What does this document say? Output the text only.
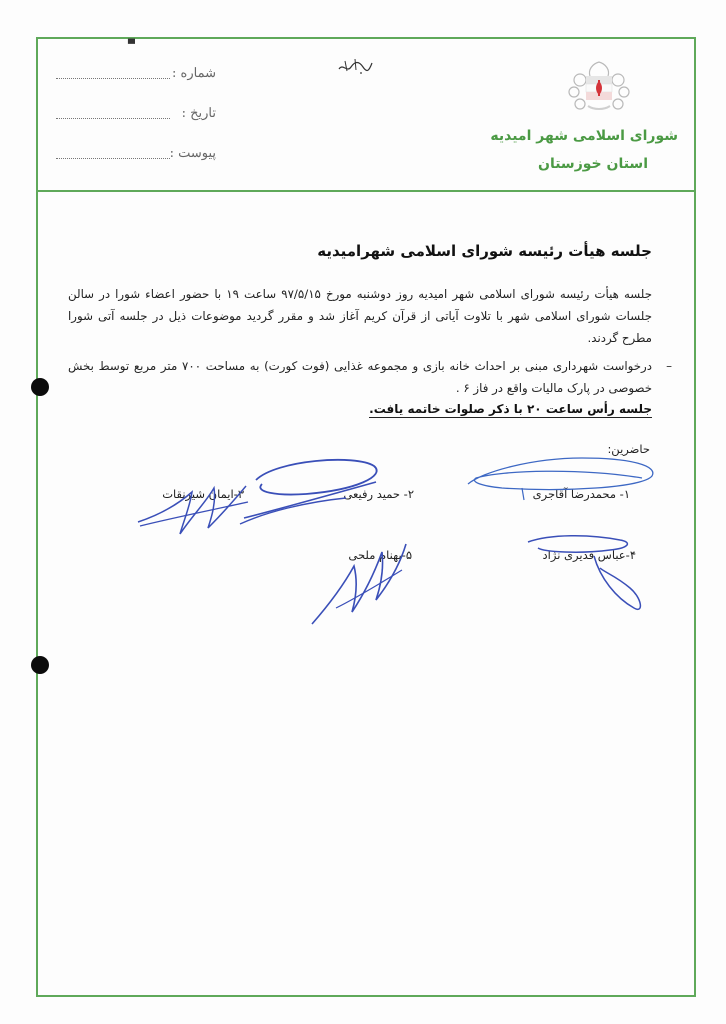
▀
شماره :
تاریخ :
پیوست :
شورای اسلامی شهر امیدیه
استان خوزستان
جلسه هیأت رئیسه شورای اسلامی شهرامیدیه
جلسه هیأت رئیسه شورای اسلامی شهر امیدیه روز دوشنبه مورخ ۹۷/۵/۱۵ ساعت ۱۹ با حضور اعضاء شورا در سالن جلسات شورای اسلامی شهر با تلاوت آیاتی از قرآن کریم آغاز شد و مقرر گردید موضوعات ذیل در جلسه آتی شورا مطرح گردند.
–
درخواست شهرداری مبنی بر احداث خانه بازی و مجموعه غذایی (فوت کورت) به مساحت ۷۰۰ متر مربع توسط بخش خصوصی در پارک مالیات واقع در فاز ۶ .
جلسه رأس ساعت ۲۰ با ذکر صلوات خاتمه یافت.
حاضرین:
۱- محمدرضا آقاجری
۲- حمید رفیعی
۳-ایمان شیرنقات
۴-عباس قدیری نژاد
۵-بهنام ملحی
